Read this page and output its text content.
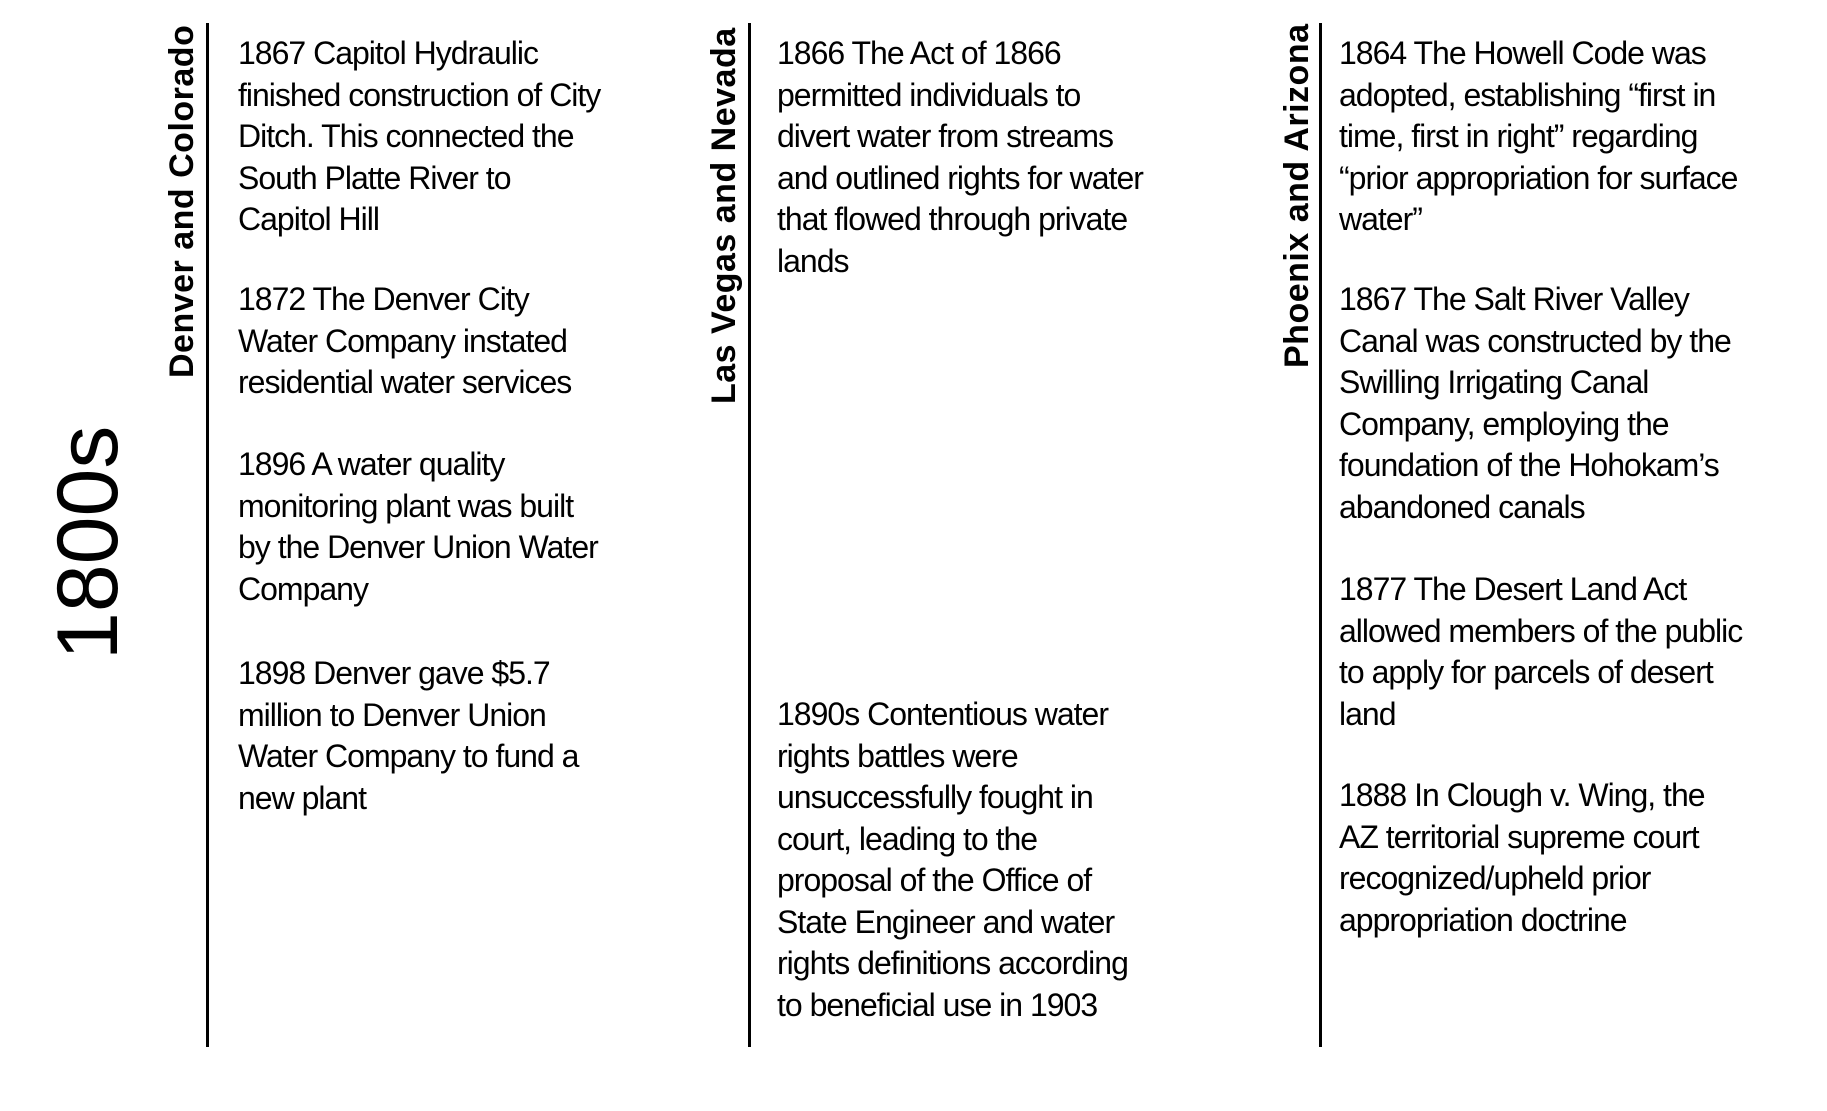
1800s
Denver and Colorado	Las Vegas and Nevada	Phoenix and Arizona
1867 Capitol Hydraulic
finished construction of City
Ditch. This connected the
South Platte River to
Capitol Hill
1872 The Denver City
Water Company instated
residential water services
1896 A water quality
monitoring plant was built
by the Denver Union Water
Company
1898 Denver gave $5.7
million to Denver Union
Water Company to fund a
new plant
1866 The Act of 1866
permitted individuals to
divert water from streams
and outlined rights for water
that flowed through private
lands
1890s Contentious water
rights battles were
unsuccessfully fought in
court, leading to the
proposal of the Office of
State Engineer and water
rights definitions according
to beneficial use in 1903
1864 The Howell Code was
adopted, establishing “first in
time, first in right” regarding
“prior appropriation for surface
water”
1867 The Salt River Valley
Canal was constructed by the
Swilling Irrigating Canal
Company, employing the
foundation of the Hohokam’s
abandoned canals
1877 The Desert Land Act
allowed members of the public
to apply for parcels of desert
land
1888 In Clough v. Wing, the
AZ territorial supreme court
recognized/upheld prior
appropriation doctrine
